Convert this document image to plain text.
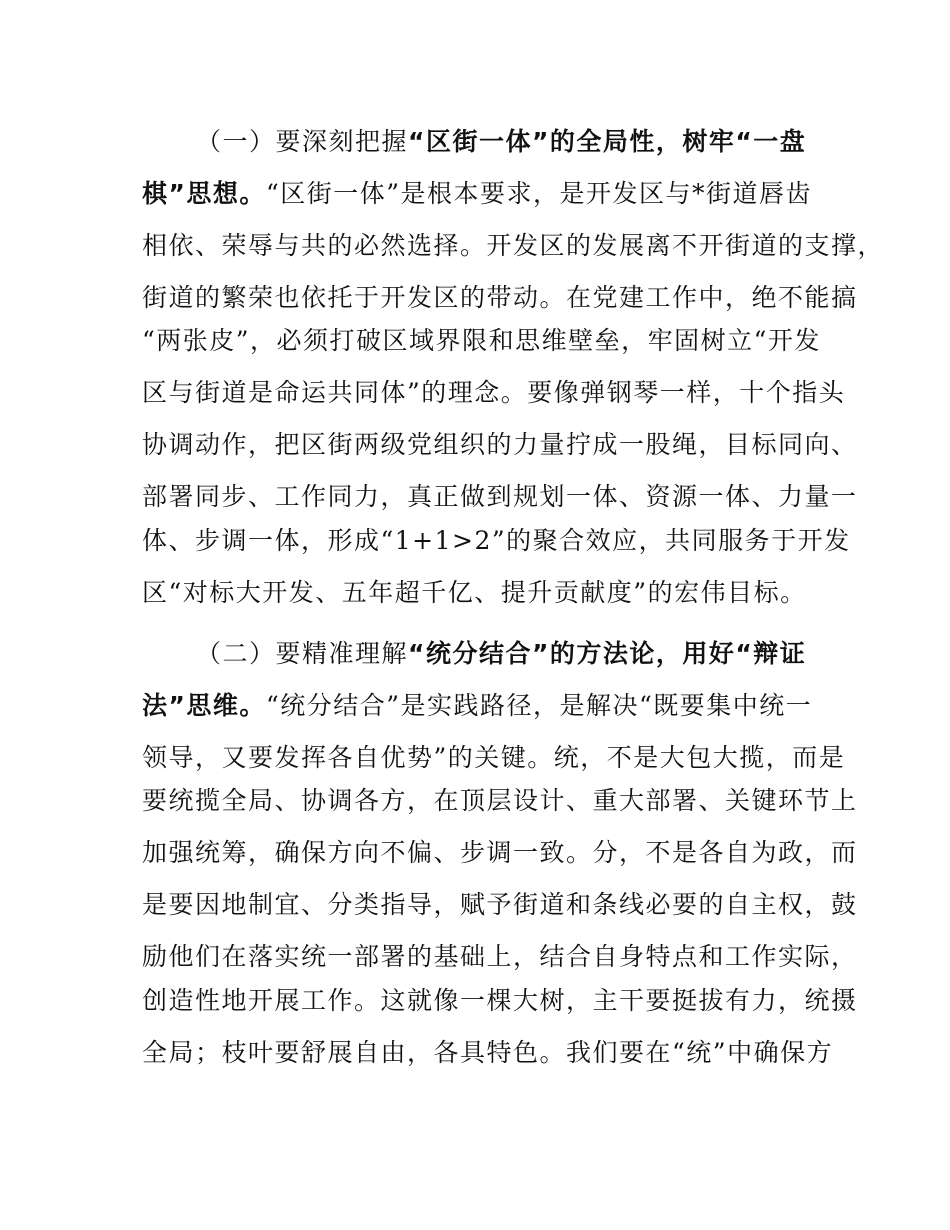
（一）要深刻把握“区街一体”的全局性，树牢“一盘
棋”思想。“区街一体”是根本要求，是开发区与*街道唇齿
相依、荣辱与共的必然选择。开发区的发展离不开街道的支撑，
街道的繁荣也依托于开发区的带动。在党建工作中，绝不能搞
“两张皮”，必须打破区域界限和思维壁垒，牢固树立“开发
区与街道是命运共同体”的理念。要像弹钢琴一样，十个指头
协调动作，把区街两级党组织的力量拧成一股绳，目标同向、
部署同步、工作同力，真正做到规划一体、资源一体、力量一
体、步调一体，形成“1+1>2”的聚合效应，共同服务于开发
区“对标大开发、五年超千亿、提升贡献度”的宏伟目标。
（二）要精准理解“统分结合”的方法论，用好“辩证
法”思维。“统分结合”是实践路径，是解决“既要集中统一
领导，又要发挥各自优势”的关键。统，不是大包大揽，而是
要统揽全局、协调各方，在顶层设计、重大部署、关键环节上
加强统筹，确保方向不偏、步调一致。分，不是各自为政，而
是要因地制宜、分类指导，赋予街道和条线必要的自主权，鼓
励他们在落实统一部署的基础上，结合自身特点和工作实际，
创造性地开展工作。这就像一棵大树，主干要挺拔有力，统摄
全局；枝叶要舒展自由，各具特色。我们要在“统”中确保方
